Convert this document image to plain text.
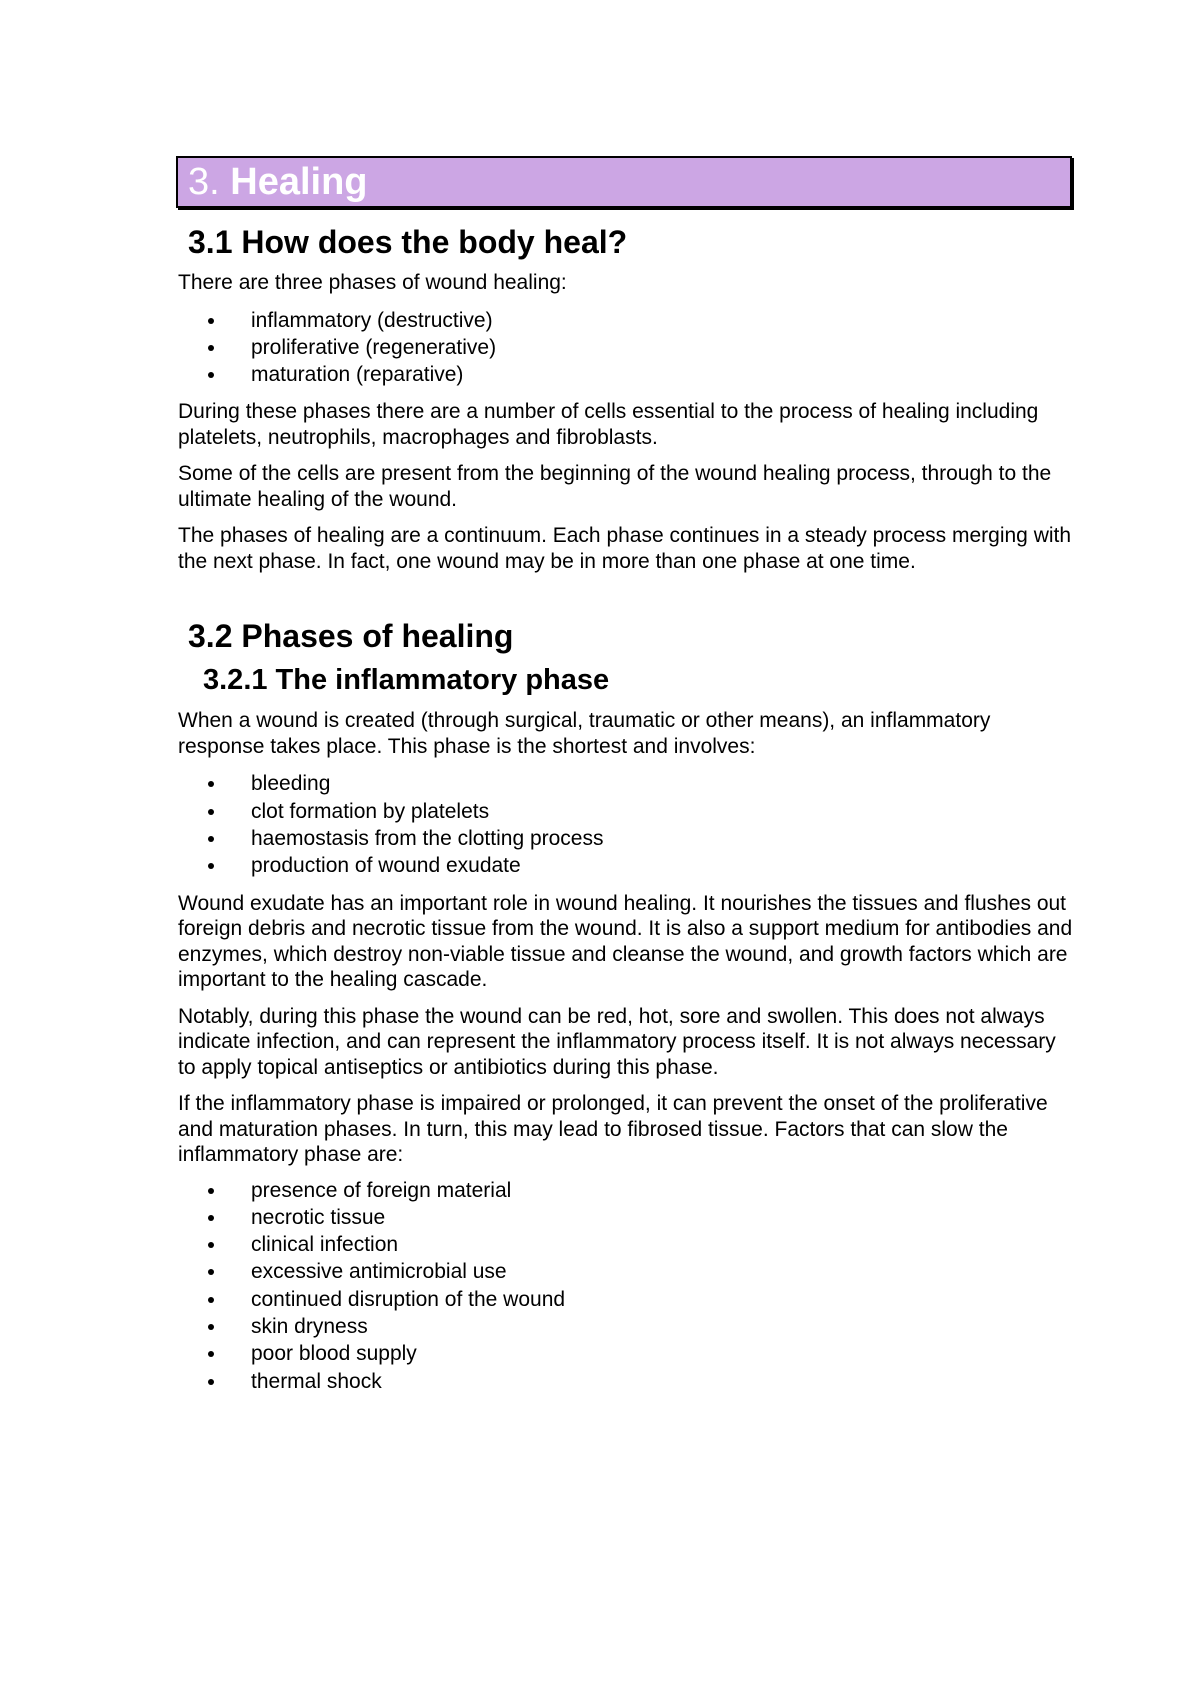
3. Healing
3.1 How does the body heal?

There are three phases of wound healing:

inflammatory (destructive)
proliferative (regenerative)
maturation (reparative)

During these phases there are a number of cells essential to the process of healing including platelets, neutrophils, macrophages and fibroblasts.

Some of the cells are present from the beginning of the wound healing process, through to the ultimate healing of the wound.

The phases of healing are a continuum. Each phase continues in a steady process merging with the next phase. In fact, one wound may be in more than one phase at one time.

3.2 Phases of healing
3.2.1 The inflammatory phase

When a wound is created (through surgical, traumatic or other means), an inflammatory response takes place. This phase is the shortest and involves:

bleeding
clot formation by platelets
haemostasis from the clotting process
production of wound exudate

Wound exudate has an important role in wound healing. It nourishes the tissues and flushes out foreign debris and necrotic tissue from the wound. It is also a support medium for antibodies and enzymes, which destroy non-viable tissue and cleanse the wound, and growth factors which are important to the healing cascade.

Notably, during this phase the wound can be red, hot, sore and swollen. This does not always indicate infection, and can represent the inflammatory process itself. It is not always necessary to apply topical antiseptics or antibiotics during this phase.

If the inflammatory phase is impaired or prolonged, it can prevent the onset of the proliferative and maturation phases. In turn, this may lead to fibrosed tissue. Factors that can slow the inflammatory phase are:

presence of foreign material
necrotic tissue
clinical infection
excessive antimicrobial use
continued disruption of the wound
skin dryness
poor blood supply
thermal shock
